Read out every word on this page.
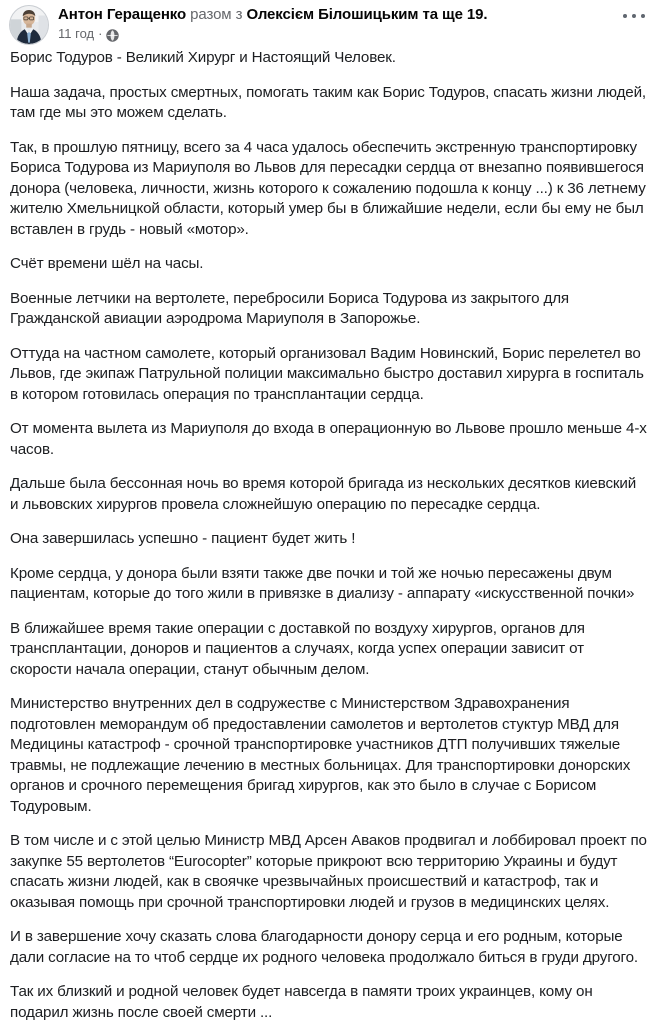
Антон Геращенко разом з Олексієм Білошицьким та ще 19.
11 год ·

Борис Тодуров - Великий Хирург и Настоящий Человек.

Наша задача, простых смертных, помогать таким как Борис Тодуров, спасать жизни людей, там где мы это можем сделать.

Так, в прошлую пятницу, всего за 4 часа удалось обеспечить экстренную транспортировку Бориса Тодурова из Мариуполя во Львов для пересадки сердца от внезапно появившегося донора (человека, личности, жизнь которого к сожалению подошла к концу ...) к 36 летнему жителю Хмельницкой области, который умер бы в ближайшие недели, если бы ему не был вставлен в грудь - новый «мотор».

Счёт времени шёл на часы.

Военные летчики на вертолете, перебросили Бориса Тодурова из закрытого для Гражданской авиации аэродрома Мариуполя в Запорожье.

Оттуда на частном самолете, который организовал Вадим Новинский, Борис перелетел во Львов, где экипаж Патрульной полиции максимально быстро доставил хирурга в госпиталь в котором готовилась операция по трансплантации сердца.

От момента вылета из Мариуполя до входа в операционную во Львове прошло меньше 4-х часов.

Дальше была бессонная ночь во время которой бригада из нескольких десятков киевский и львовских хирургов провела сложнейшую операцию по пересадке сердца.

Она завершилась успешно - пациент будет жить !

Кроме сердца, у донора были взяти также две почки и той же ночью пересажены двум пациентам, которые до того жили в привязке в диализу - аппарату «искусственной почки»

В ближайшее время такие операции с доставкой по воздуху хирургов, органов для трансплантации, доноров и пациентов а случаях, когда успех операции зависит от скорости начала операции, станут обычным делом.

Министерство внутренних дел в содружестве с Министерством Здравохранения подготовлен меморандум об предоставлении самолетов и вертолетов стуктур МВД для Медицины катастроф - срочной транспортировке участников ДТП получивших тяжелые травмы, не подлежащие лечению в местных больницах. Для транспортировки донорских органов и срочного перемещения бригад хирургов, как это было в случае с Борисом Тодуровым.

В том числе и с этой целью Министр МВД Арсен Аваков продвигал и лоббировал проект по закупке 55 вертолетов “Eurocopter” которые прикроют всю территорию Украины и будут спасать жизни людей, как в своячке чрезвычайных происшествий и катастроф, так и оказывая помощь при срочной транспортировки людей и грузов в медицинских целях.

И в завершение хочу сказать слова благодарности донору серца и его родным, которые дали согласие на то чтоб сердце их родного человека продолжало биться в груди другого.

Так их близкий и родной человек будет навсегда в памяти троих украинцев, кому он подарил жизнь после своей смерти ...
